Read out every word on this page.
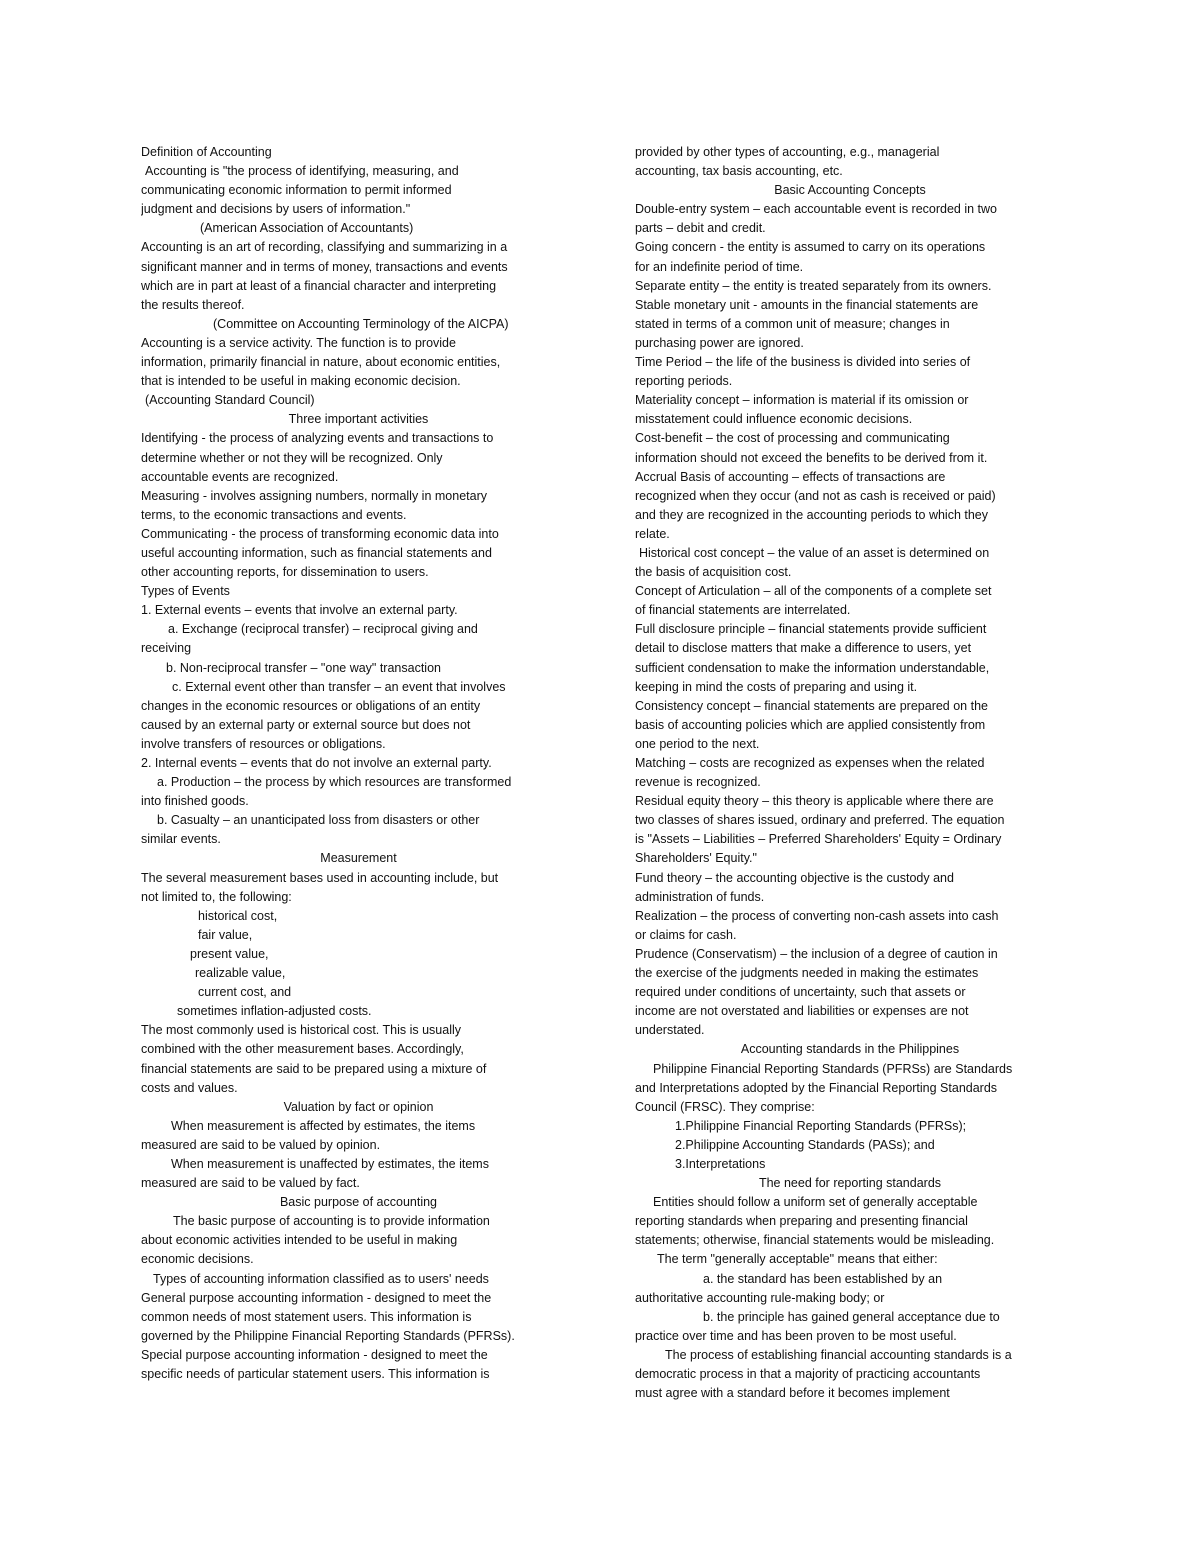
Definition of Accounting
Accounting is "the process of identifying, measuring, and
communicating economic information to permit informed
judgment and decisions by users of information."
(American Association of Accountants)
Accounting is an art of recording, classifying and summarizing in a
significant manner and in terms of money, transactions and events
which are in part at least of a financial character and interpreting
the results thereof.
(Committee on Accounting Terminology of the AICPA)
Accounting is a service activity. The function is to provide
information, primarily financial in nature, about economic entities,
that is intended to be useful in making economic decision.
(Accounting Standard Council)
Three important activities
Identifying - the process of analyzing events and transactions to
determine whether or not they will be recognized. Only
accountable events are recognized.
Measuring - involves assigning numbers, normally in monetary
terms, to the economic transactions and events.
Communicating - the process of transforming economic data into
useful accounting information, such as financial statements and
other accounting reports, for dissemination to users.
Types of Events
1. External events – events that involve an external party.
a. Exchange (reciprocal transfer) – reciprocal giving and
receiving
b. Non-reciprocal transfer – "one way" transaction
c. External event other than transfer – an event that involves
changes in the economic resources or obligations of an entity
caused by an external party or external source but does not
involve transfers of resources or obligations.
2. Internal events – events that do not involve an external party.
a. Production – the process by which resources are transformed
into finished goods.
b. Casualty – an unanticipated loss from disasters or other
similar events.
Measurement
The several measurement bases used in accounting include, but
not limited to, the following:
historical cost,
fair value,
present value,
realizable value,
current cost, and
sometimes inflation-adjusted costs.
The most commonly used is historical cost. This is usually
combined with the other measurement bases. Accordingly,
financial statements are said to be prepared using a mixture of
costs and values.
Valuation by fact or opinion
When measurement is affected by estimates, the items
measured are said to be valued by opinion.
When measurement is unaffected by estimates, the items
measured are said to be valued by fact.
Basic purpose of accounting
The basic purpose of accounting is to provide information
about economic activities intended to be useful in making
economic decisions.
Types of accounting information classified as to users' needs
General purpose accounting information - designed to meet the
common needs of most statement users. This information is
governed by the Philippine Financial Reporting Standards (PFRSs).
Special purpose accounting information - designed to meet the
specific needs of particular statement users. This information is
provided by other types of accounting, e.g., managerial
accounting, tax basis accounting, etc.
Basic Accounting Concepts
Double-entry system – each accountable event is recorded in two
parts – debit and credit.
Going concern - the entity is assumed to carry on its operations
for an indefinite period of time.
Separate entity – the entity is treated separately from its owners.
Stable monetary unit - amounts in the financial statements are
stated in terms of a common unit of measure; changes in
purchasing power are ignored.
Time Period – the life of the business is divided into series of
reporting periods.
Materiality concept – information is material if its omission or
misstatement could influence economic decisions.
Cost-benefit – the cost of processing and communicating
information should not exceed the benefits to be derived from it.
Accrual Basis of accounting – effects of transactions are
recognized when they occur (and not as cash is received or paid)
and they are recognized in the accounting periods to which they
relate.
Historical cost concept – the value of an asset is determined on
the basis of acquisition cost.
Concept of Articulation – all of the components of a complete set
of financial statements are interrelated.
Full disclosure principle – financial statements provide sufficient
detail to disclose matters that make a difference to users, yet
sufficient condensation to make the information understandable,
keeping in mind the costs of preparing and using it.
Consistency concept – financial statements are prepared on the
basis of accounting policies which are applied consistently from
one period to the next.
Matching – costs are recognized as expenses when the related
revenue is recognized.
Residual equity theory – this theory is applicable where there are
two classes of shares issued, ordinary and preferred. The equation
is "Assets – Liabilities – Preferred Shareholders' Equity = Ordinary
Shareholders' Equity."
Fund theory – the accounting objective is the custody and
administration of funds.
Realization – the process of converting non-cash assets into cash
or claims for cash.
Prudence (Conservatism) – the inclusion of a degree of caution in
the exercise of the judgments needed in making the estimates
required under conditions of uncertainty, such that assets or
income are not overstated and liabilities or expenses are not
understated.
Accounting standards in the Philippines
Philippine Financial Reporting Standards (PFRSs) are Standards
and Interpretations adopted by the Financial Reporting Standards
Council (FRSC). They comprise:
1.Philippine Financial Reporting Standards (PFRSs);
2.Philippine Accounting Standards (PASs); and
3.Interpretations
The need for reporting standards
Entities should follow a uniform set of generally acceptable
reporting standards when preparing and presenting financial
statements; otherwise, financial statements would be misleading.
The term "generally acceptable" means that either:
a. the standard has been established by an
authoritative accounting rule-making body; or
b. the principle has gained general acceptance due to
practice over time and has been proven to be most useful.
The process of establishing financial accounting standards is a
democratic process in that a majority of practicing accountants
must agree with a standard before it becomes implement
